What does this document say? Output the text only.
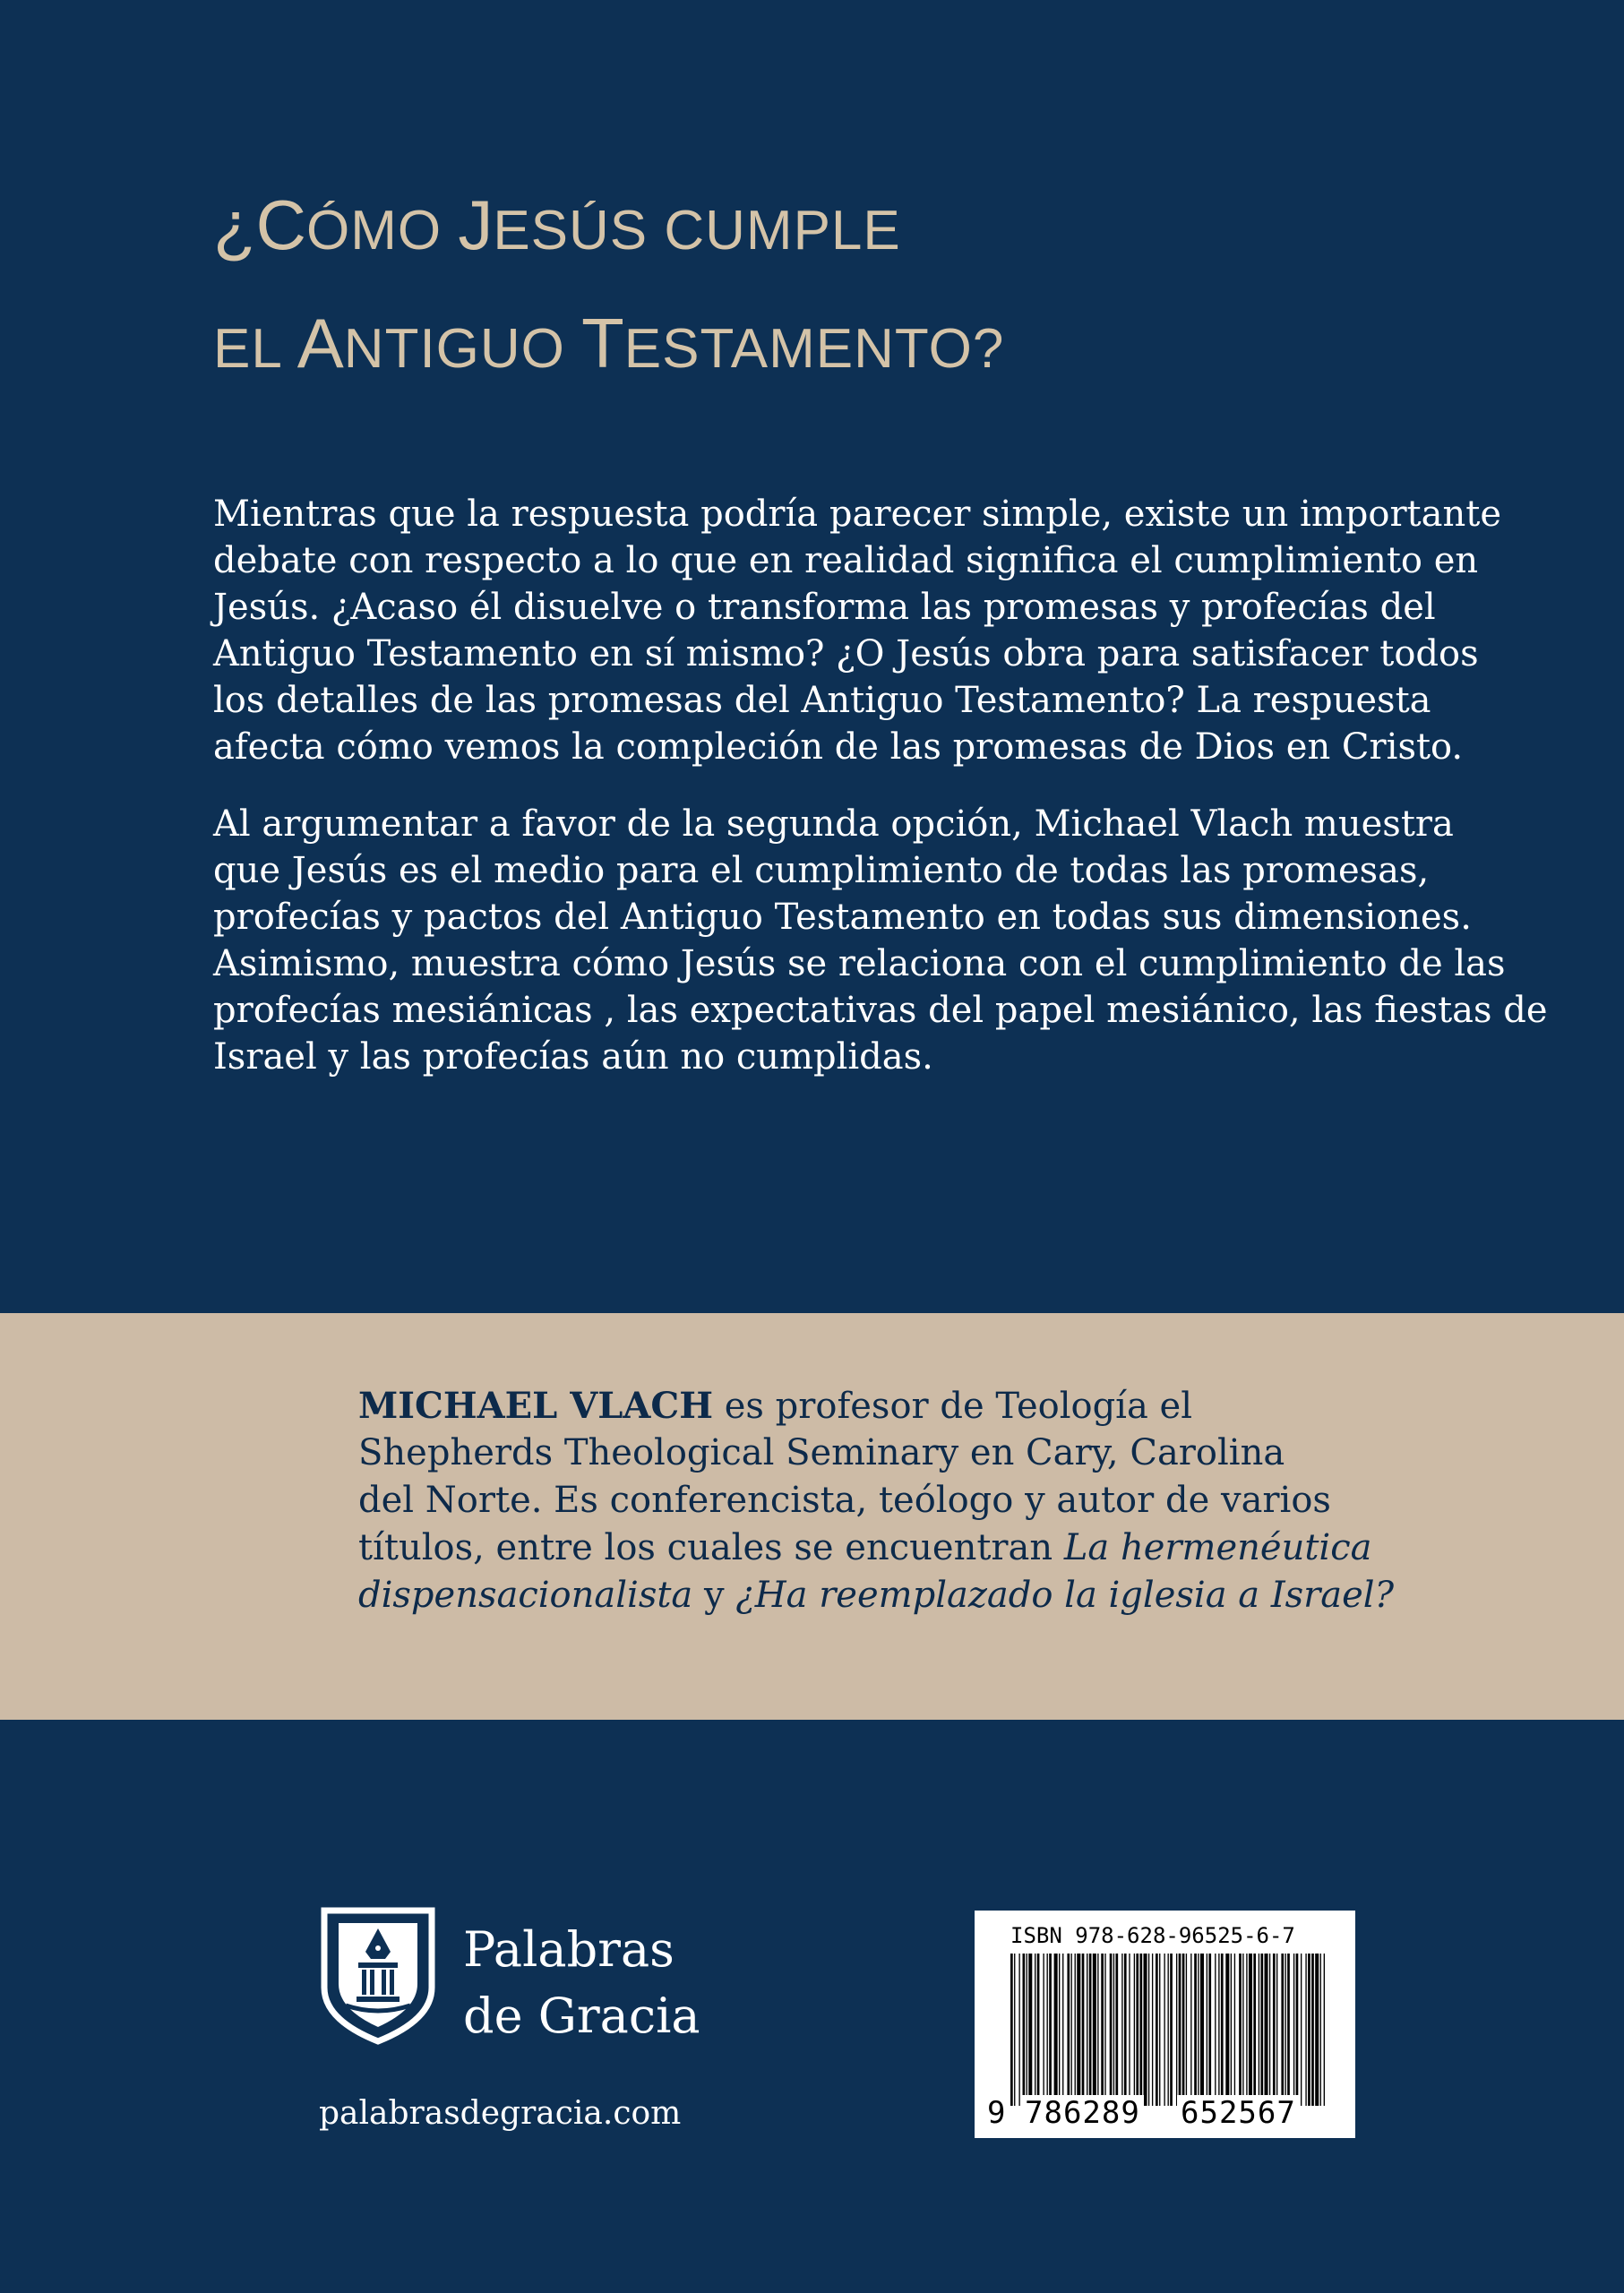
¿CÓMO JESÚS CUMPLE
EL ANTIGUO TESTAMENTO?
Mientras que la respuesta podría parecer simple, existe un importante
debate con respecto a lo que en realidad significa el cumplimiento en
Jesús. ¿Acaso él disuelve o transforma las promesas y profecías del
Antiguo Testamento en sí mismo? ¿O Jesús obra para satisfacer todos
los detalles de las promesas del Antiguo Testamento? La respuesta
afecta cómo vemos la compleción de las promesas de Dios en Cristo.
Al argumentar a favor de la segunda opción, Michael Vlach muestra
que Jesús es el medio para el cumplimiento de todas las promesas,
profecías y pactos del Antiguo Testamento en todas sus dimensiones.
Asimismo, muestra cómo Jesús se relaciona con el cumplimiento de las
profecías mesiánicas , las expectativas del papel mesiánico, las fiestas de
Israel y las profecías aún no cumplidas.
MICHAEL VLACH es profesor de Teología el
Shepherds Theological Seminary en Cary, Carolina
del Norte. Es conferencista, teólogo y autor de varios
títulos, entre los cuales se encuentran La hermenéutica
dispensacionalista y ¿Ha reemplazado la iglesia a Israel?
Palabras
de Gracia
palabrasdegracia.com
ISBN 978-628-96525-6-7
9 786289 652567
